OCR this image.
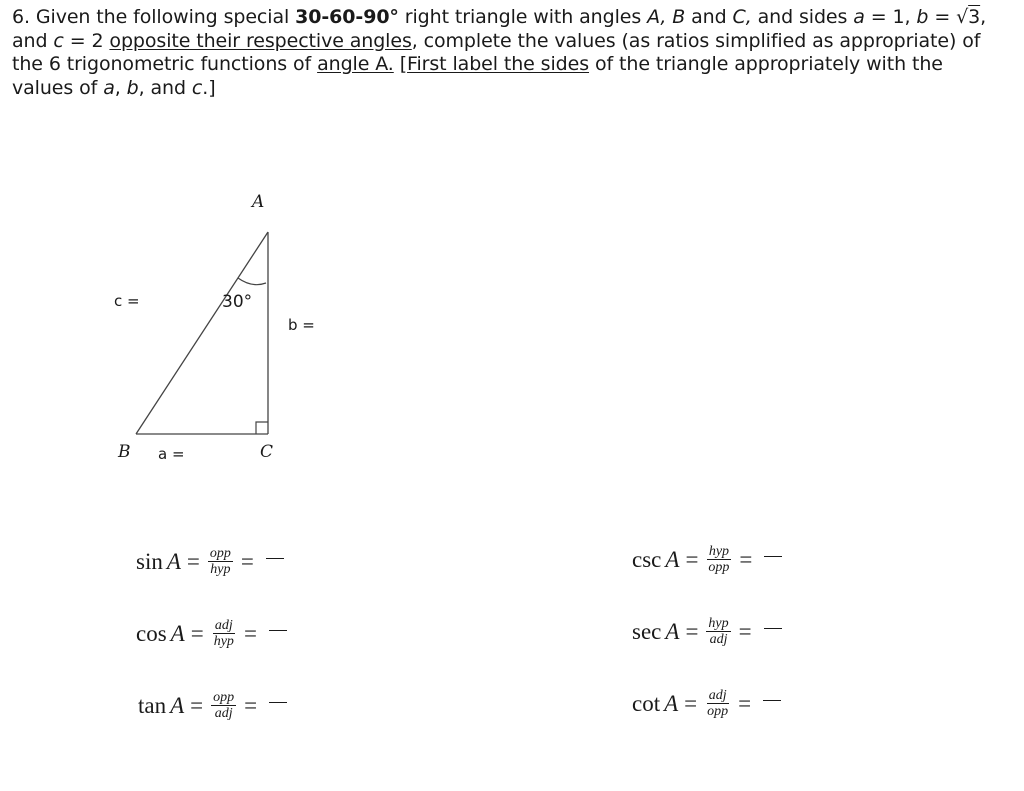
6. Given the following special 30-60-90° right triangle with angles A, B and C, and sides a = 1, b = √3, and c = 2 opposite their respective angles, complete the values (as ratios simplified as appropriate) of the 6 trigonometric functions of angle A. [First label the sides of the triangle appropriately with the values of a, b, and c.]
A
B	C
30°
c =
b =
a =
$\sin A = \frac{\text{opp}}{\text{hyp}}$ =
$\cos A = \frac{\text{adj}}{\text{hyp}}$ =
$\tan A = \frac{\text{opp}}{\text{adj}}$ =
$\csc A = \frac{\text{hyp}}{\text{opp}}$ =
$\sec A = \frac{\text{hyp}}{\text{adj}}$ =
$\cot A = \frac{\text{adj}}{\text{opp}}$ =
